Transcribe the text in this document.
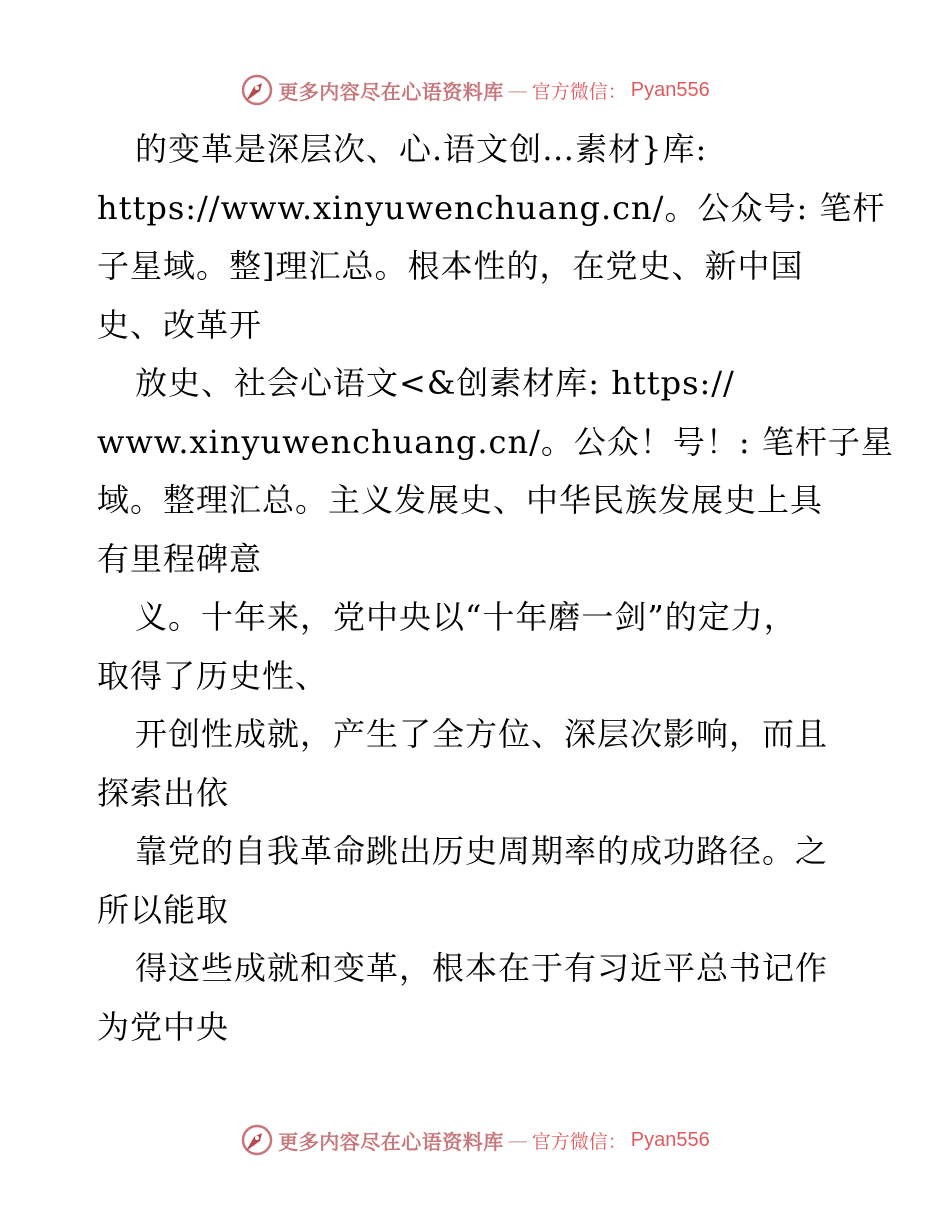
更多内容尽在心语资料库 — 官方微信： Pyan556
的变革是深层次、心.语文创…素材}库:
https://www.xinyuwenchuang.cn/。公众号: 笔杆
子星域。整]理汇总。根本性的，在党史、新中国
史、改革开
放史、社会心语文<&创素材库: https://
www.xinyuwenchuang.cn/。公众！号！: 笔杆子星
域。整理汇总。主义发展史、中华民族发展史上具
有里程碑意
义。十年来，党中央以“十年磨一剑”的定力，
取得了历史性、
开创性成就，产生了全方位、深层次影响，而且
探索出依
靠党的自我革命跳出历史周期率的成功路径。之
所以能取
得这些成就和变革，根本在于有习近平总书记作
为党中央
更多内容尽在心语资料库 — 官方微信： Pyan556
